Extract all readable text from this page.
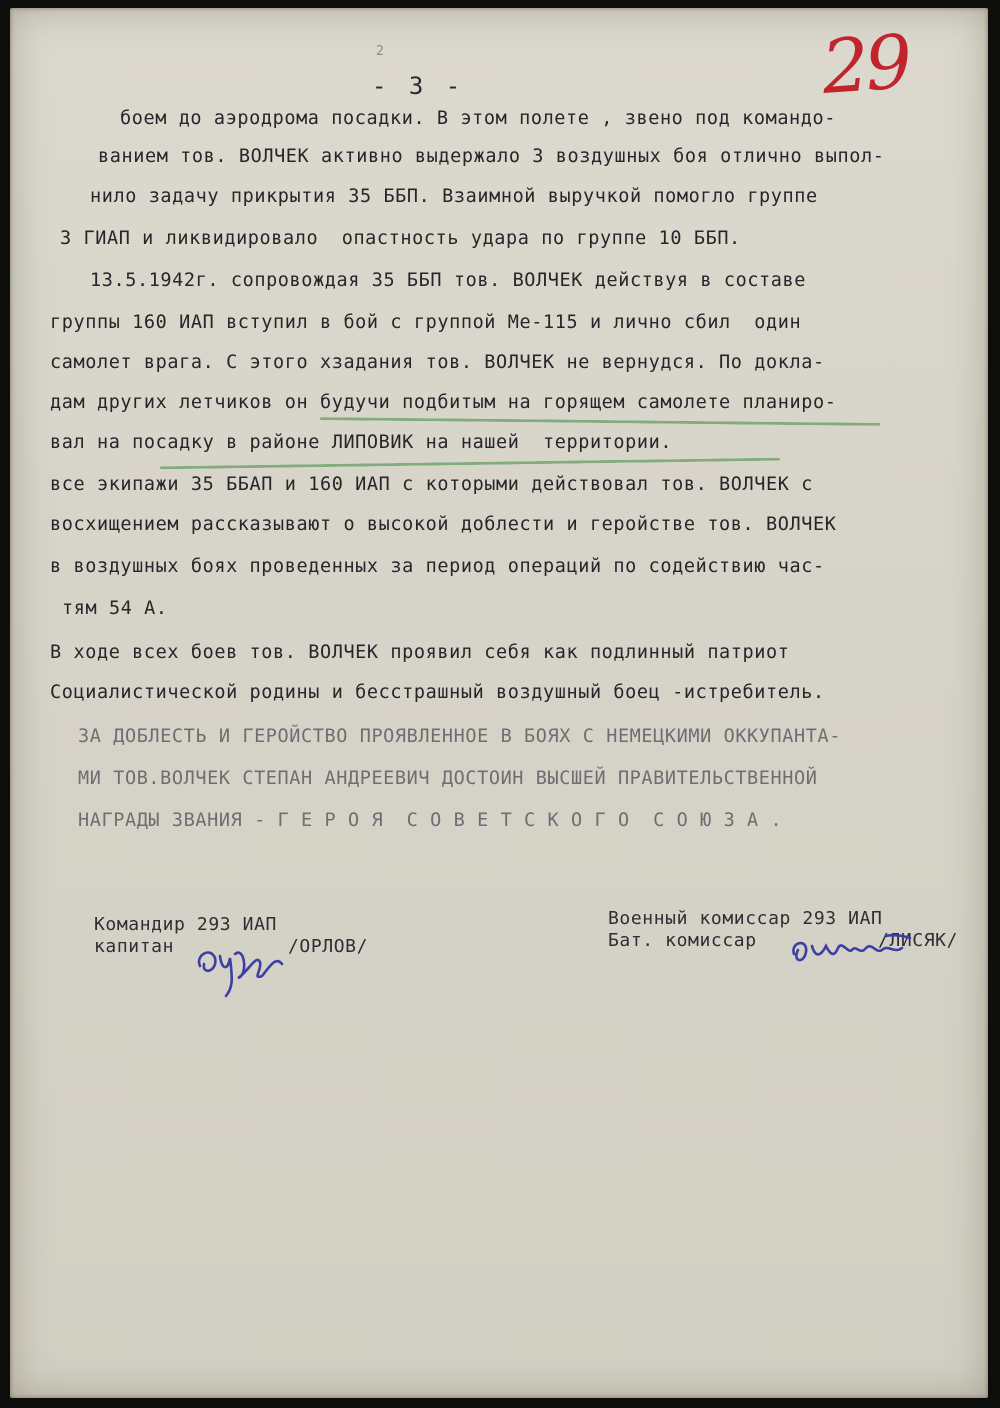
2
- 3 -	29
боем до аэродрома посадки. В этом полете , звено под командо-
ванием тов. ВОЛЧЕК активно выдержало 3 воздушных боя отлично выпол-
нило задачу прикрытия 35 ББП. Взаимной выручкой помогло группе
3 ГИАП и ликвидировало  опастность удара по группе 10 ББП.
13.5.1942г. сопровождая 35 ББП тов. ВОЛЧЕК действуя в составе
группы 160 ИАП вступил в бой с группой Ме-115 и лично сбил  один
самолет врага. С этого хзадания тов. ВОЛЧЕК не вернудся. По докла-
дам других летчиков он будучи подбитым на горящем самолете планиро-
вал на посадку в районе ЛИПОВИК на нашей  территории.
все экипажи 35 ББАП и 160 ИАП с которыми действовал тов. ВОЛЧЕК с
восхищением рассказывают о высокой доблести и геройстве тов. ВОЛЧЕК
в воздушных боях проведенных за период операций по содействию час-
тям 54 А.
В ходе всех боев тов. ВОЛЧЕК проявил себя как подлинный патриот
Социалистической родины и бесстрашный воздушный боец -истребитель.
ЗА ДОБЛЕСТЬ И ГЕРОЙСТВО ПРОЯВЛЕННОЕ В БОЯХ С НЕМЕЦКИМИ ОККУПАНТА-
МИ ТОВ.ВОЛЧЕК СТЕПАН АНДРЕЕВИЧ ДОСТОИН ВЫСШЕЙ ПРАВИТЕЛЬСТВЕННОЙ
НАГРАДЫ ЗВАНИЯ - Г Е Р О Я  С О В Е Т С К О Г О  С О Ю З А .
Командир 293 ИАП
капитан	/ОРЛОВ/
Военный комиссар 293 ИАП
Бат. комиссар	/ЛИСЯК/
